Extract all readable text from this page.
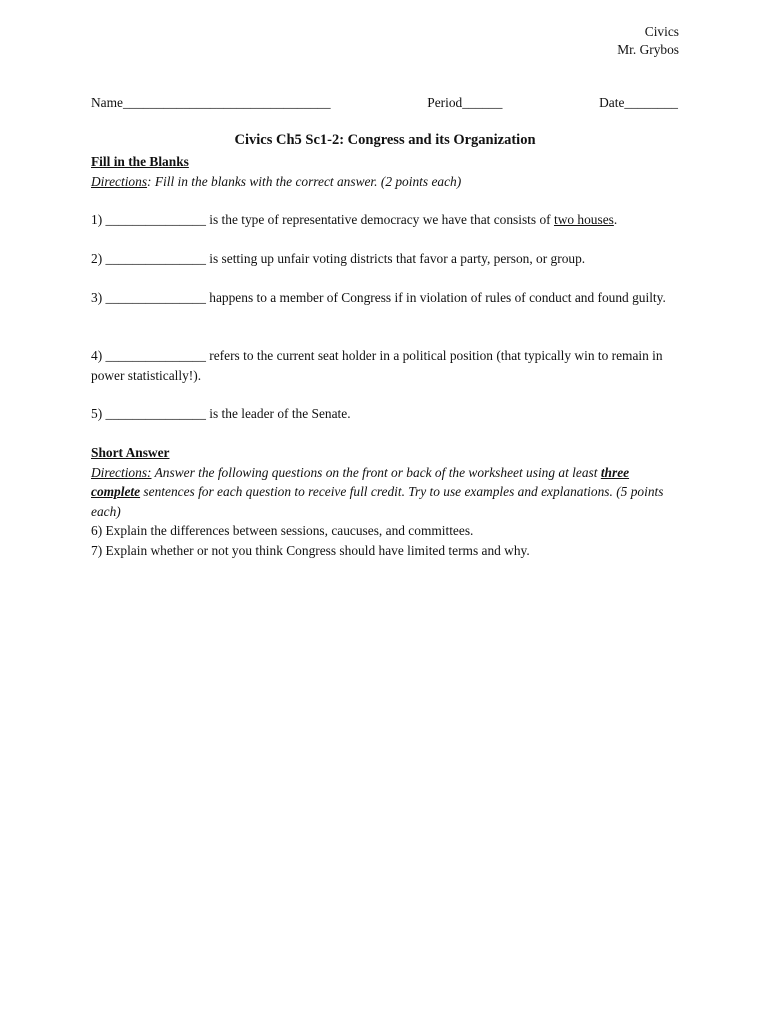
Civics
Mr. Grybos
Name_______________________________	Period______	Date________
Civics Ch5 Sc1-2: Congress and its Organization
Fill in the Blanks
Directions: Fill in the blanks with the correct answer. (2 points each)
1) _______________ is the type of representative democracy we have that consists of two houses.
2) _______________ is setting up unfair voting districts that favor a party, person, or group.
3) _______________ happens to a member of Congress if in violation of rules of conduct and found guilty.
4) _______________ refers to the current seat holder in a political position (that typically win to remain in power statistically!).
5) _______________ is the leader of the Senate.
Short Answer
Directions: Answer the following questions on the front or back of the worksheet using at least three complete sentences for each question to receive full credit. Try to use examples and explanations. (5 points each)
6) Explain the differences between sessions, caucuses, and committees.
7) Explain whether or not you think Congress should have limited terms and why.
